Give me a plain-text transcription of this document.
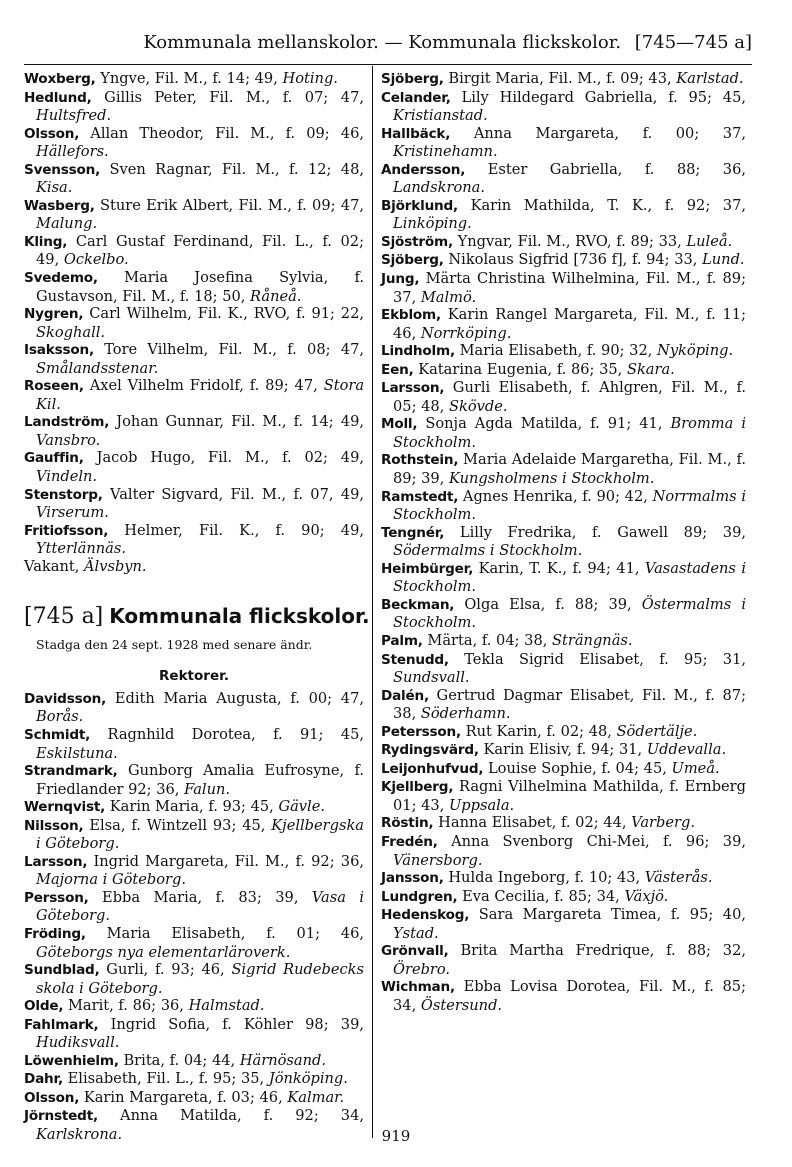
Kommunala mellanskolor. — Kommunala flickskolor. [745—745 a]
Woxberg, Yngve, Fil. M., f. 14; 49, Hoting.
Hedlund, Gillis Peter, Fil. M., f. 07; 47, Hultsfred.
Olsson, Allan Theodor, Fil. M., f. 09; 46, Hällefors.
Svensson, Sven Ragnar, Fil. M., f. 12; 48, Kisa.
Wasberg, Sture Erik Albert, Fil. M., f. 09; 47, Malung.
Kling, Carl Gustaf Ferdinand, Fil. L., f. 02; 49, Ockelbo.
Svedemo, Maria Josefina Sylvia, f. Gustavson, Fil. M., f. 18; 50, Råneå.
Nygren, Carl Wilhelm, Fil. K., RVO, f. 91; 22, Skoghall.
Isaksson, Tore Vilhelm, Fil. M., f. 08; 47, Smålandsstenar.
Roseen, Axel Vilhelm Fridolf, f. 89; 47, Stora Kil.
Landström, Johan Gunnar, Fil. M., f. 14; 49, Vansbro.
Gauffin, Jacob Hugo, Fil. M., f. 02; 49, Vindeln.
Stenstorp, Valter Sigvard, Fil. M., f. 07, 49, Virserum.
Fritiofsson, Helmer, Fil. K., f. 90; 49, Ytterlännäs.
Vakant, Älvsbyn.
[745 a] Kommunala flickskolor.
Stadga den 24 sept. 1928 med senare ändr.
Rektorer.
Davidsson, Edith Maria Augusta, f. 00; 47, Borås.
Schmidt, Ragnhild Dorotea, f. 91; 45, Eskilstuna.
Strandmark, Gunborg Amalia Eufrosyne, f. Friedlander 92; 36, Falun.
Wernqvist, Karin Maria, f. 93; 45, Gävle.
Nilsson, Elsa, f. Wintzell 93; 45, Kjellbergska i Göteborg.
Larsson, Ingrid Margareta, Fil. M., f. 92; 36, Majorna i Göteborg.
Persson, Ebba Maria, f. 83; 39, Vasa i Göteborg.
Fröding, Maria Elisabeth, f. 01; 46, Göteborgs nya elementarläroverk.
Sundblad, Gurli, f. 93; 46, Sigrid Rudebecks skola i Göteborg.
Olde, Marit, f. 86; 36, Halmstad.
Fahlmark, Ingrid Sofia, f. Köhler 98; 39, Hudiksvall.
Löwenhielm, Brita, f. 04; 44, Härnösand.
Dahr, Elisabeth, Fil. L., f. 95; 35, Jönköping.
Olsson, Karin Margareta, f. 03; 46, Kalmar.
Jörnstedt, Anna Matilda, f. 92; 34, Karlskrona.
Sjöberg, Birgit Maria, Fil. M., f. 09; 43, Karlstad.
Celander, Lily Hildegard Gabriella, f. 95; 45, Kristianstad.
Hallbäck, Anna Margareta, f. 00; 37, Kristinehamn.
Andersson, Ester Gabriella, f. 88; 36, Landskrona.
Björklund, Karin Mathilda, T. K., f. 92; 37, Linköping.
Sjöström, Yngvar, Fil. M., RVO, f. 89; 33, Luleå.
Sjöberg, Nikolaus Sigfrid [736 f], f. 94; 33, Lund.
Jung, Märta Christina Wilhelmina, Fil. M., f. 89; 37, Malmö.
Ekblom, Karin Rangel Margareta, Fil. M., f. 11; 46, Norrköping.
Lindholm, Maria Elisabeth, f. 90; 32, Nyköping.
Een, Katarina Eugenia, f. 86; 35, Skara.
Larsson, Gurli Elisabeth, f. Ahlgren, Fil. M., f. 05; 48, Skövde.
Moll, Sonja Agda Matilda, f. 91; 41, Bromma i Stockholm.
Rothstein, Maria Adelaide Margaretha, Fil. M., f. 89; 39, Kungsholmens i Stockholm.
Ramstedt, Agnes Henrika, f. 90; 42, Norrmalms i Stockholm.
Tengnér, Lilly Fredrika, f. Gawell 89; 39, Södermalms i Stockholm.
Heimbürger, Karin, T. K., f. 94; 41, Vasastadens i Stockholm.
Beckman, Olga Elsa, f. 88; 39, Östermalms i Stockholm.
Palm, Märta, f. 04; 38, Strängnäs.
Stenudd, Tekla Sigrid Elisabet, f. 95; 31, Sundsvall.
Dalén, Gertrud Dagmar Elisabet, Fil. M., f. 87; 38, Söderhamn.
Petersson, Rut Karin, f. 02; 48, Södertälje.
Rydingsvärd, Karin Elisiv, f. 94; 31, Uddevalla.
Leijonhufvud, Louise Sophie, f. 04; 45, Umeå.
Kjellberg, Ragni Vilhelmina Mathilda, f. Ernberg 01; 43, Uppsala.
Röstin, Hanna Elisabet, f. 02; 44, Varberg.
Fredén, Anna Svenborg Chi-Mei, f. 96; 39, Vänersborg.
Jansson, Hulda Ingeborg, f. 10; 43, Västerås.
Lundgren, Eva Cecilia, f. 85; 34, Växjö.
Hedenskog, Sara Margareta Timea, f. 95; 40, Ystad.
Grönvall, Brita Martha Fredrique, f. 88; 32, Örebro.
Wichman, Ebba Lovisa Dorotea, Fil. M., f. 85; 34, Östersund.
919
